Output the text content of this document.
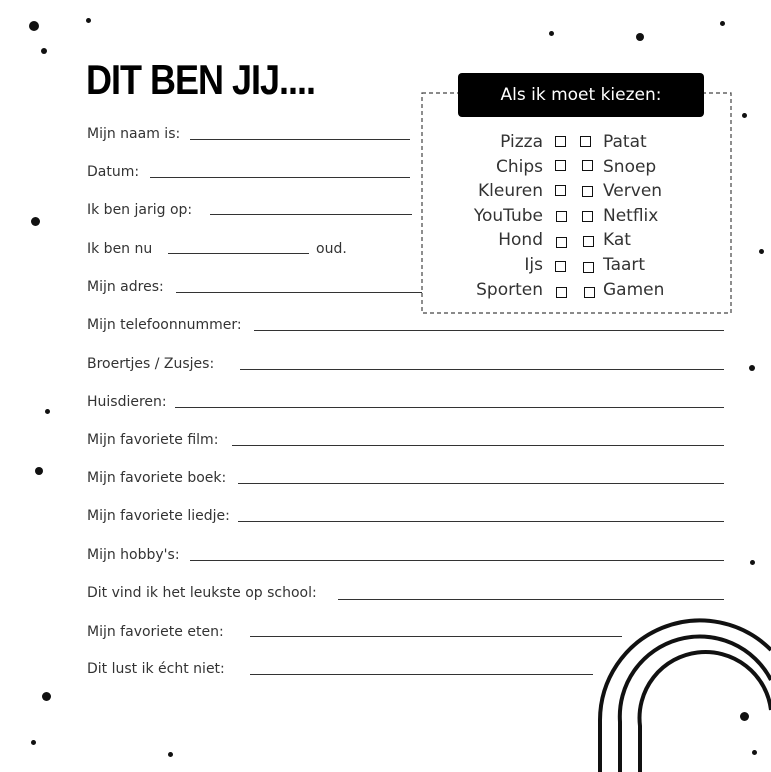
DIT BEN JIJ....
Mijn naam is:
Datum:
Ik ben jarig op:
Ik ben nu	oud.
Mijn adres:
Mijn telefoonnummer:
Broertjes / Zusjes:
Huisdieren:
Mijn favoriete film:
Mijn favoriete boek:
Mijn favoriete liedje:
Mijn hobby's:
Dit vind ik het leukste op school:
Mijn favoriete eten:
Dit lust ik écht niet:
Als ik moet kiezen:
Pizza	Patat
Chips	Snoep
Kleuren	Verven
YouTube	Netflix
Hond	Kat
Ijs	Taart
Sporten	Gamen
